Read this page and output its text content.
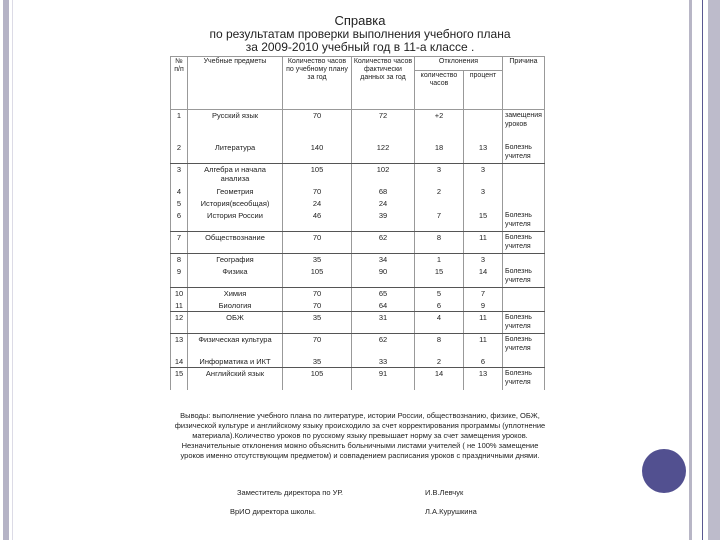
Справка
по результатам проверки выполнения учебного плана
за 2009-2010 учебный год в 11-а классе .
№ п/п	Учебные предметы	Количество часов по учебному плану за год	Количество часов фактически данных за год	Отклонения		Причина
				количество часов	процент	
1	Русский язык	70	72	+2		замещения уроков
2	Литература	140	122	18	13	Болезнь учителя
3	Алгебра и начала анализа	105	102	3	3	
4	Геометрия	70	68	2	3	
5	История(всеобщая)	24	24			
6	История России	46	39	7	15	Болезнь учителя
7	Обществознание	70	62	8	11	Болезнь учителя
8	География	35	34	1	3	
9	Физика	105	90	15	14	Болезнь учителя
10	Химия	70	65	5	7	
11	Биология	70	64	6	9	
12	ОБЖ	35	31	4	11	Болезнь учителя
13	Физическая культура	70	62	8	11	Болезнь учителя
14	Информатика и ИКТ	35	33	2	6	
15	Английский язык	105	91	14	13	Болезнь учителя
Выводы: выполнение учебного плана по литературе, истории России, обществознанию, физике, ОБЖ, физической культуре и английскому языку происходило за счет корректирования программы (уплотнение материала).Количество уроков по русскому языку превышает норму за счет замещения уроков. Незначительные отклонения можно объяснить больничными листами учителей ( не 100% замещение уроков именно отсутствующим предметом) и совпадением расписания уроков с праздничными днями.
Заместитель директора по УР.	И.В.Левчук
ВрИО директора школы.	Л.А.Курушкина
